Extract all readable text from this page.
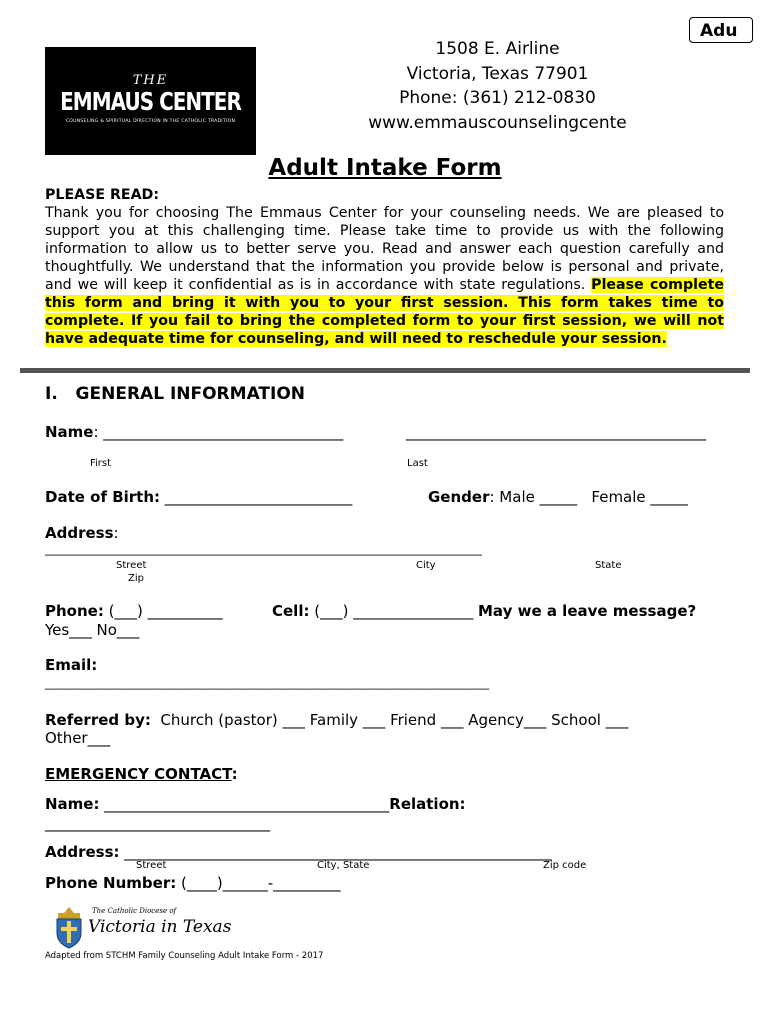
Adu
THE
EMMAUS CENTER
COUNSELING & SPIRITUAL DIRECTION IN THE CATHOLIC TRADITION
1508 E. Airline
Victoria, Texas 77901
Phone: (361) 212-0830
www.emmauscounselingcente
Adult Intake Form
PLEASE READ:
Thank you for choosing The Emmaus Center for your counseling needs. We are pleased to support you at this challenging time. Please take time to provide us with the following information to allow us to better serve you. Read and answer each question carefully and thoughtfully. We understand that the information you provide below is personal and private, and we will keep it confidential as is in accordance with state regulations. Please complete this form and bring it with you to your first session. This form takes time to complete. If you fail to bring the completed form to your first session, we will not have adequate time for counseling, and will need to reschedule your session.
I.   GENERAL INFORMATION
Name: ________________________________	________________________________________
First	Last
Date of Birth: _________________________	Gender: Male _____   Female _____
Address:
____________________________________________________________________________
Street	City	State
Zip
Phone: (___) __________	Cell: (___) ________________ May we a leave message?
Yes___ No___
Email:
______________________________________________________________________________
Referred by: Church (pastor) ___ Family ___ Friend ___ Agency___ School ___
Other___
EMERGENCY CONTACT:
Name: ______________________________________Relation:
______________________________
Address: _________________________________________________________
Street	City, State	Zip code
Phone Number: (____)______-_________
The Catholic Diocese of
Victoria in Texas
Adapted from STCHM Family Counseling Adult Intake Form - 2017
